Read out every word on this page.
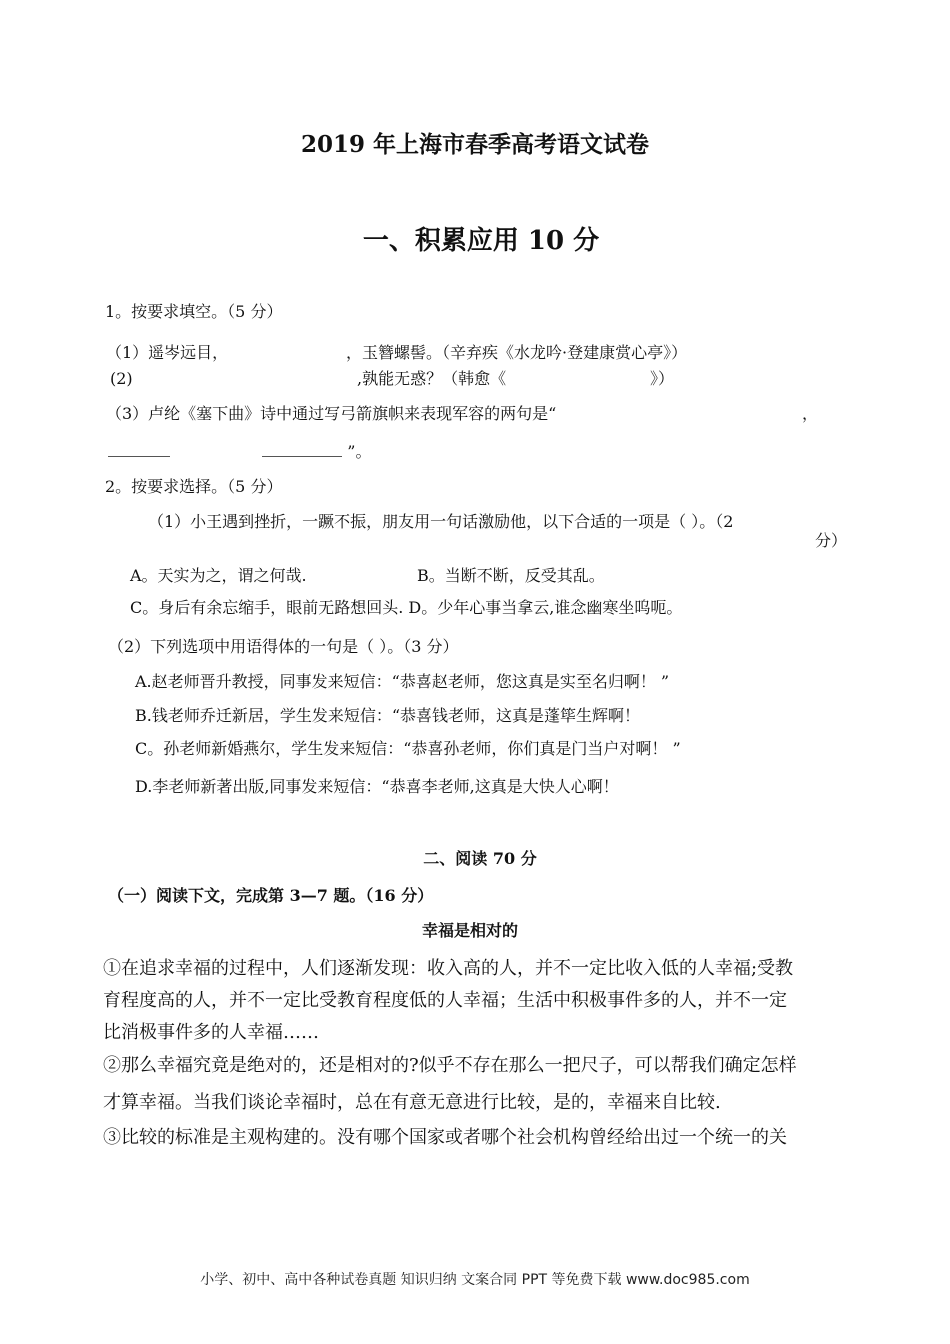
2019 年上海市春季高考语文试卷
一、积累应用 10 分
1。按要求填空。（5 分）
（1）遥岑远目，	，玉簪螺髻。（辛弃疾《水龙吟·登建康赏心亭》）
(2)	,孰能无惑？（韩愈《	》）
（3）卢纶《塞下曲》诗中通过写弓箭旗帜来表现军容的两句是“	，
”。
2。按要求选择。（5 分）
（1）小王遇到挫折，一蹶不振，朋友用一句话激励他，以下合适的一项是（ ）。（2
分）
A。天实为之，谓之何哉.	B。当断不断，反受其乱。
C。身后有余忘缩手，眼前无路想回头. D。少年心事当拿云,谁念幽寒坐呜呃。
（2）下列选项中用语得体的一句是（ ）。（3 分）
A.赵老师晋升教授，同事发来短信：“恭喜赵老师，您这真是实至名归啊！ ”
B.钱老师乔迁新居，学生发来短信：“恭喜钱老师，这真是蓬筚生辉啊！
C。孙老师新婚燕尔，学生发来短信：“恭喜孙老师，你们真是门当户对啊！ ”
D.李老师新著出版,同事发来短信：“恭喜李老师,这真是大快人心啊！
二、阅读 70 分
（一）阅读下文，完成第 3—7 题。（16 分）
幸福是相对的
①在追求幸福的过程中，人们逐渐发现：收入高的人，并不一定比收入低的人幸福;受教
育程度高的人，并不一定比受教育程度低的人幸福；生活中积极事件多的人，并不一定
比消极事件多的人幸福……
②那么幸福究竟是绝对的，还是相对的?似乎不存在那么一把尺子，可以帮我们确定怎样
才算幸福。当我们谈论幸福时，总在有意无意进行比较，是的，幸福来自比较.
③比较的标准是主观构建的。没有哪个国家或者哪个社会机构曾经给出过一个统一的关
小学、初中、高中各种试卷真题 知识归纳 文案合同 PPT 等免费下载 www.doc985.com
